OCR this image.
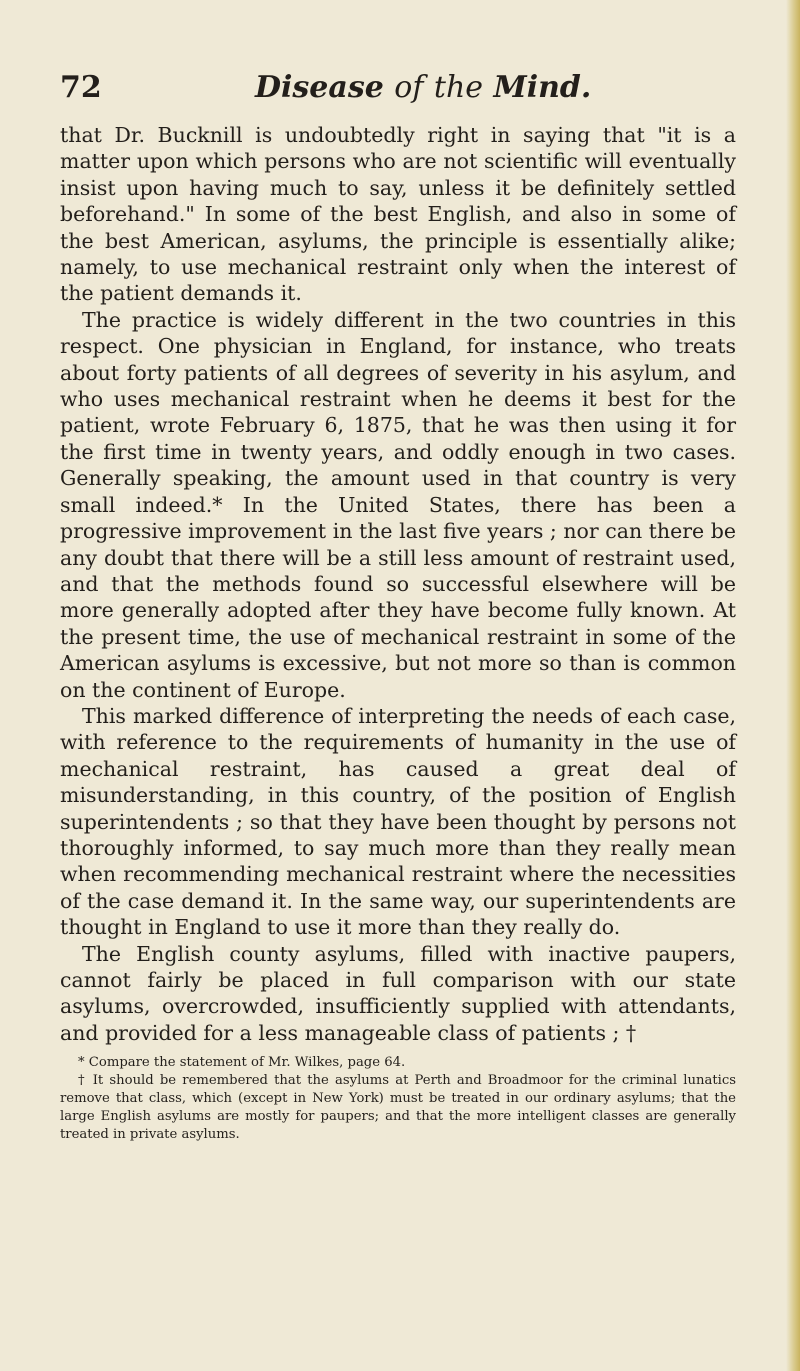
72	Disease of the Mind.

that Dr. Bucknill is undoubtedly right in saying that "it is a matter upon which persons who are not scientific will eventually insist upon having much to say, unless it be definitely settled beforehand." In some of the best English, and also in some of the best American, asylums, the principle is essentially alike; namely, to use mechanical restraint only when the interest of the patient demands it.

The practice is widely different in the two countries in this respect. One physician in England, for instance, who treats about forty patients of all degrees of severity in his asylum, and who uses mechanical restraint when he deems it best for the patient, wrote February 6, 1875, that he was then using it for the first time in twenty years, and oddly enough in two cases. Generally speaking, the amount used in that country is very small indeed.* In the United States, there has been a progressive improvement in the last five years ; nor can there be any doubt that there will be a still less amount of restraint used, and that the methods found so successful elsewhere will be more generally adopted after they have become fully known. At the present time, the use of mechanical restraint in some of the American asylums is excessive, but not more so than is common on the continent of Europe.

This marked difference of interpreting the needs of each case, with reference to the requirements of humanity in the use of mechanical restraint, has caused a great deal of misunderstanding, in this country, of the position of English superintendents ; so that they have been thought by persons not thoroughly informed, to say much more than they really mean when recommending mechanical restraint where the necessities of the case demand it. In the same way, our superintendents are thought in England to use it more than they really do.

The English county asylums, filled with inactive paupers, cannot fairly be placed in full comparison with our state asylums, overcrowded, insufficiently supplied with attendants, and provided for a less manageable class of patients ; †

* Compare the statement of Mr. Wilkes, page 64.

† It should be remembered that the asylums at Perth and Broadmoor for the criminal lunatics remove that class, which (except in New York) must be treated in our ordinary asylums; that the large English asylums are mostly for paupers; and that the more intelligent classes are generally treated in private asylums.
